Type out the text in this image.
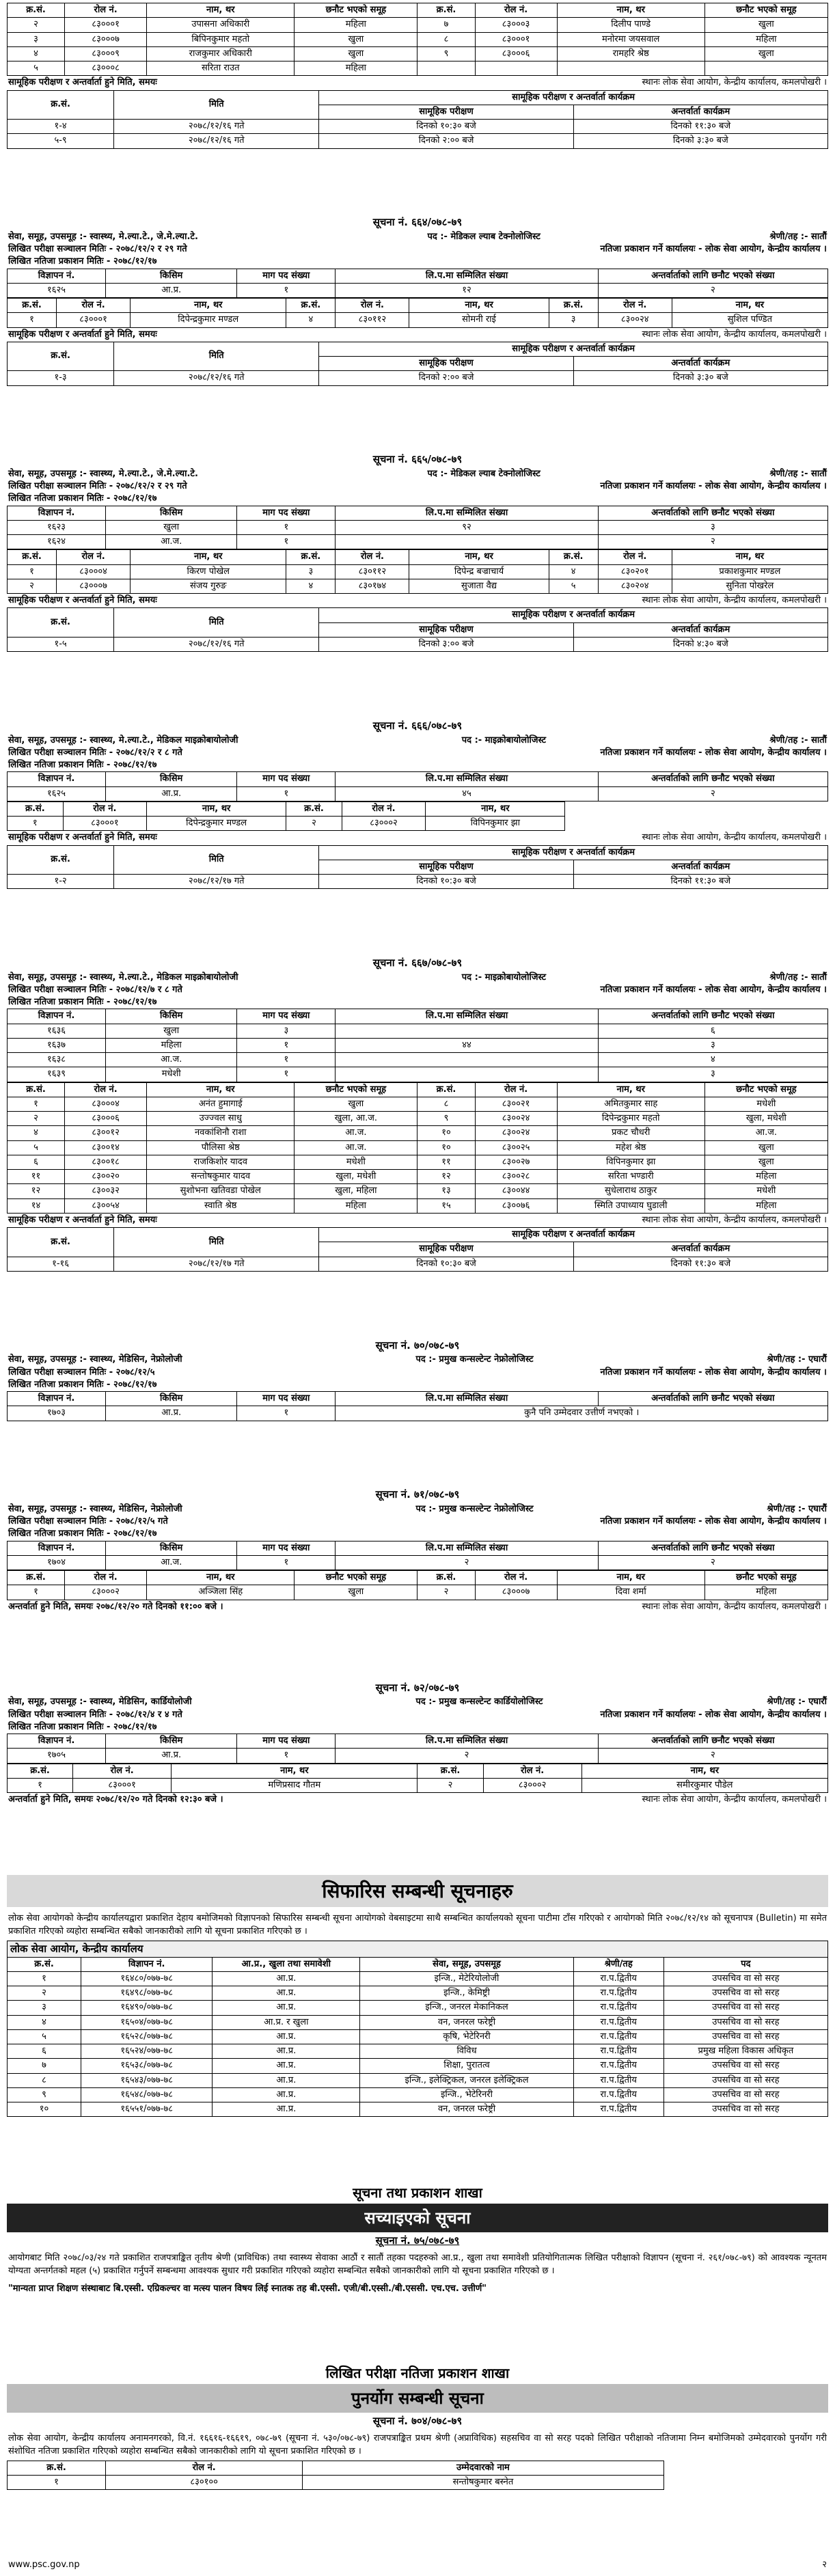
क्र.सं.	रोल नं.	नाम, थर	छनौट भएको समूह	क्र.सं.	रोल नं.	नाम, थर	छनौट भएको समूह
२	८३०००१	उपासना अधिकारी	महिला	७	८३०००३	दिलीप पाण्डे	खुला
३	८३०००७	बिपिनकुमार महतो	खुला	८	८३०००१	मनोरमा जयसवाल	महिला
४	८३०००९	राजकुमार अधिकारी	खुला	९	८३०००६	रामहरि श्रेष्ठ	खुला
५	८३०००८	सरिता राउत	महिला				
सामूहिक परीक्षण र अन्तर्वार्ता हुने मिति, समयः	स्थानः लोक सेवा आयोग, केन्द्रीय कार्यालय, कमलपोखरी ।
क्र.सं.	मिति	सामूहिक परीक्षण र अन्तर्वार्ता कार्यक्रम	
		सामूहिक परीक्षण	अन्तर्वार्ता कार्यक्रम
१-४	२०७८/१२/१६ गते	दिनको १०:३० बजे	दिनको ११:३० बजे
५-९	२०७८/१२/१६ गते	दिनको २:०० बजे	दिनको ३:३० बजे
सूचना नं. ६६४/०७८-७९
सेवा, समूह, उपसमूह :- स्वास्थ्य, मे.ल्या.टे., जे.मे.ल्या.टे.	पद :- मेडिकल ल्याब टेक्नोलोजिस्ट	श्रेणी/तह :- सातौं
लिखित परीक्षा सञ्चालन मितिः - २०७८/१२/२ र २९ गते	नतिजा प्रकाशन गर्ने कार्यालयः - लोक सेवा आयोग, केन्द्रीय कार्यालय ।
लिखित नतिजा प्रकाशन मितिः - २०७८/१२/१७
विज्ञापन नं.	किसिम	माग पद संख्या	लि.प.मा सम्मिलित संख्या	अन्तर्वार्ताको लागि छनौट भएको संख्या
१६२५	आ.प्र.	१	१२	२
क्र.सं.	रोल नं.	नाम, थर	क्र.सं.	रोल नं.	नाम, थर	क्र.सं.	रोल नं.	नाम, थर
१	८३०००१	दिपेन्द्रकुमार मण्डल	४	८३०११२	सोमनी राई	३	८३००२४	सुशिल पण्डित
सामूहिक परीक्षण र अन्तर्वार्ता हुने मिति, समयः	स्थानः लोक सेवा आयोग, केन्द्रीय कार्यालय, कमलपोखरी ।
क्र.सं.	मिति	सामूहिक परीक्षण र अन्तर्वार्ता कार्यक्रम	
		सामूहिक परीक्षण	अन्तर्वार्ता कार्यक्रम
१-३	२०७८/१२/१६ गते	दिनको २:०० बजे	दिनको ३:३० बजे
सूचना नं. ६६५/०७८-७९
सेवा, समूह, उपसमूह :- स्वास्थ्य, मे.ल्या.टे., जे.मे.ल्या.टे.	पद :- मेडिकल ल्याब टेक्नोलोजिस्ट	श्रेणी/तह :- सातौं
लिखित परीक्षा सञ्चालन मितिः - २०७८/१२/२ र २९ गते	नतिजा प्रकाशन गर्ने कार्यालयः - लोक सेवा आयोग, केन्द्रीय कार्यालय ।
लिखित नतिजा प्रकाशन मितिः - २०७८/१२/१७
विज्ञापन नं.	किसिम	माग पद संख्या	लि.प.मा सम्मिलित संख्या	अन्तर्वार्ताको लागि छनौट भएको संख्या
१६२३	खुला	१	९२	३
१६२४	आ.ज.	१		२
क्र.सं.	रोल नं.	नाम, थर	क्र.सं.	रोल नं.	नाम, थर	क्र.सं.	रोल नं.	नाम, थर
१	८३०००४	किरण पोखेल	३	८३०११२	दिपेन्द्र बज्राचार्य	४	८३०२०१	प्रकाशकुमार मण्डल
२	८३०००७	संजय गुरुङ	४	८३०१७४	सुजाता वैद्य	५	८३०२०४	सुनिता पोखरेल
सामूहिक परीक्षण र अन्तर्वार्ता हुने मिति, समयः	स्थानः लोक सेवा आयोग, केन्द्रीय कार्यालय, कमलपोखरी ।
क्र.सं.	मिति	सामूहिक परीक्षण र अन्तर्वार्ता कार्यक्रम	
		सामूहिक परीक्षण	अन्तर्वार्ता कार्यक्रम
१-५	२०७८/१२/१६ गते	दिनको ३:०० बजे	दिनको ४:३० बजे
सूचना नं. ६६६/०७८-७९
सेवा, समूह, उपसमूह :- स्वास्थ्य, मे.ल्या.टे., मेडिकल माइक्रोबायोलोजी	पद :- माइक्रोबायोलोजिस्ट	श्रेणी/तह :- सातौं
लिखित परीक्षा सञ्चालन मितिः - २०७८/१२/२ र ८ गते	नतिजा प्रकाशन गर्ने कार्यालयः - लोक सेवा आयोग, केन्द्रीय कार्यालय ।
लिखित नतिजा प्रकाशन मितिः - २०७८/१२/१७
विज्ञापन नं.	किसिम	माग पद संख्या	लि.प.मा सम्मिलित संख्या	अन्तर्वार्ताको लागि छनौट भएको संख्या
१६२५	आ.प्र.	१	४५	२
क्र.सं.	रोल नं.	नाम, थर	क्र.सं.	रोल नं.	नाम, थर
१	८३०००१	दिपेन्द्रकुमार मण्डल	२	८३०००२	विपिनकुमार झा
सामूहिक परीक्षण र अन्तर्वार्ता हुने मिति, समयः	स्थानः लोक सेवा आयोग, केन्द्रीय कार्यालय, कमलपोखरी ।
क्र.सं.	मिति	सामूहिक परीक्षण र अन्तर्वार्ता कार्यक्रम	
		सामूहिक परीक्षण	अन्तर्वार्ता कार्यक्रम
१-२	२०७८/१२/१७ गते	दिनको १०:३० बजे	दिनको ११:३० बजे
सूचना नं. ६६७/०७८-७९
सेवा, समूह, उपसमूह :- स्वास्थ्य, मे.ल्या.टे., मेडिकल माइक्रोबायोलोजी	पद :- माइक्रोबायोलोजिस्ट	श्रेणी/तह :- सातौं
लिखित परीक्षा सञ्चालन मितिः - २०७८/१२/७ र ८ गते	नतिजा प्रकाशन गर्ने कार्यालयः - लोक सेवा आयोग, केन्द्रीय कार्यालय ।
लिखित नतिजा प्रकाशन मितिः - २०७८/१२/१७
विज्ञापन नं.	किसिम	माग पद संख्या	लि.प.मा सम्मिलित संख्या	अन्तर्वार्ताको लागि छनौट भएको संख्या
१६३६	खुला	३		६
१६३७	महिला	१	४४	३
१६३८	आ.ज.	१		४
१६३९	मधेशी	१		३
क्र.सं.	रोल नं.	नाम, थर	छनौट भएको समूह	क्र.सं.	रोल नं.	नाम, थर	छनौट भएको समूह
१	८३०००४	अनंत हुमागाई	खुला	८	८३००२१	अमितकुमार साह	मधेशी
२	८३०००६	उज्ज्वल साधु	खुला, आ.ज.	९	८३००२४	दिपेन्द्रकुमार महतो	खुला, मधेशी
४	८३००१२	नवकांशिनौ राशा	आ.ज.	१०	८३००२४	प्रकट चौधरी	आ.ज.
५	८३००१४	पौलिसा श्रेष्ठ	आ.ज.	१०	८३००२५	महेश श्रेष्ठ	खुला
६	८३००१८	राजकिशोर यादव	मधेशी	११	८३००२७	विपिनकुमार झा	खुला
११	८३००२०	सन्तोषकुमार यादव	खुला, मधेशी	१२	८३००२८	सरिता भण्डारी	महिला
१२	८३००३२	सुशोभना खतिवडा पोखेल	खुला, महिला	१३	८३००४४	सुधेलाराथ ठाकुर	मधेशी
१४	८३००५४	स्वाति श्रेष्ठ	महिला	१५	८३००७६	स्मिति उपाध्याय घुडाली	महिला
सामूहिक परीक्षण र अन्तर्वार्ता हुने मिति, समयः	स्थानः लोक सेवा आयोग, केन्द्रीय कार्यालय, कमलपोखरी ।
क्र.सं.	मिति	सामूहिक परीक्षण र अन्तर्वार्ता कार्यक्रम	
		सामूहिक परीक्षण	अन्तर्वार्ता कार्यक्रम
१-१६	२०७८/१२/१७ गते	दिनको १०:३० बजे	दिनको ११:३० बजे
सूचना नं. ७०/०७८-७९
सेवा, समूह, उपसमूह :- स्वास्थ्य, मेडिसिन, नेफ्रोलोजी	पद :- प्रमुख कन्सल्टेन्ट नेफ्रोलोजिस्ट	श्रेणी/तह :- एघारौं
लिखित परीक्षा सञ्चालन मितिः - २०७८/१२/५	नतिजा प्रकाशन गर्ने कार्यालयः - लोक सेवा आयोग, केन्द्रीय कार्यालय ।
लिखित नतिजा प्रकाशन मितिः - २०७८/१२/१७
विज्ञापन नं.	किसिम	माग पद संख्या	लि.प.मा सम्मिलित संख्या	अन्तर्वार्ताको लागि छनौट भएको संख्या
१७०३	आ.प्र.	१	कुनै पनि उम्मेदवार उत्तीर्ण नभएको ।	
सूचना नं. ७१/०७८-७९
सेवा, समूह, उपसमूह :- स्वास्थ्य, मेडिसिन, नेफ्रोलोजी	पद :- प्रमुख कन्सल्टेन्ट नेफ्रोलोजिस्ट	श्रेणी/तह :- एघारौं
लिखित परीक्षा सञ्चालन मितिः - २०७८/१२/५ गते	नतिजा प्रकाशन गर्ने कार्यालयः - लोक सेवा आयोग, केन्द्रीय कार्यालय ।
लिखित नतिजा प्रकाशन मितिः - २०७८/१२/१७
विज्ञापन नं.	किसिम	माग पद संख्या	लि.प.मा सम्मिलित संख्या	अन्तर्वार्ताको लागि छनौट भएको संख्या
१७०४	आ.ज.	१	२	२
क्र.सं.	रोल नं.	नाम, थर	छनौट भएको समूह	क्र.सं.	रोल नं.	नाम, थर	छनौट भएको समूह
१	८३०००२	अञ्जिला सिंह	खुला	२	८३०००७	दिवा शर्मा	महिला
अन्तर्वार्ता हुने मिति, समयः २०७८/१२/२० गते दिनको ११:०० बजे ।	स्थानः लोक सेवा आयोग, केन्द्रीय कार्यालय, कमलपोखरी ।
सूचना नं. ७२/०७८-७९
सेवा, समूह, उपसमूह :- स्वास्थ्य, मेडिसिन, कार्डियोलोजी	पद :- प्रमुख कन्सल्टेन्ट कार्डियोलोजिस्ट	श्रेणी/तह :- एघारौं
लिखित परीक्षा सञ्चालन मितिः - २०७८/१२/४ र ४ गते	नतिजा प्रकाशन गर्ने कार्यालयः - लोक सेवा आयोग, केन्द्रीय कार्यालय ।
लिखित नतिजा प्रकाशन मितिः - २०७८/१२/१७
विज्ञापन नं.	किसिम	माग पद संख्या	लि.प.मा सम्मिलित संख्या	अन्तर्वार्ताको लागि छनौट भएको संख्या
१७०५	आ.प्र.	१	२	२
क्र.सं.	रोल नं.	नाम, थर	क्र.सं.	रोल नं.	नाम, थर
१	८३०००१	मणिप्रसाद गौतम	२	८३०००२	समीरकुमार पौडेल
अन्तर्वार्ता हुने मिति, समयः २०७८/१२/२० गते दिनको १२:३० बजे ।	स्थानः लोक सेवा आयोग, केन्द्रीय कार्यालय, कमलपोखरी ।
सिफारिस सम्बन्धी सूचनाहरु
लोक सेवा आयोगको केन्द्रीय कार्यालयद्वारा प्रकाशित देहाय बमोजिमको विज्ञापनको सिफारिस सम्बन्धी सूचना आयोगको वेबसाइटमा साथै सम्बन्धित कार्यालयको सूचना पाटीमा टाँस गरिएको र आयोगको मिति २०७८/१२/१४ को सूचनापत्र (Bulletin) मा समेत प्रकाशित गरिएको व्यहोरा सम्बन्धित सबैको जानकारीको लागि यो सूचना प्रकाशित गरिएको छ ।
लोक सेवा आयोग, केन्द्रीय कार्यालय
क्र.सं.	विज्ञापन नं.	आ.प्र., खुला तथा समावेशी	सेवा, समूह, उपसमूह	श्रेणी/तह	पद
१	१६४८०/०७७-७८	आ.प्र.	इन्जि., मेटेरियोलोजी	रा.प.द्वितीय	उपसचिव वा सो सरह
२	१६४९८/०७७-७८	आ.प्र.	इन्जि., केमिष्ट्री	रा.प.द्वितीय	उपसचिव वा सो सरह
३	१६४९०/०७७-७८	आ.प्र.	इन्जि., जनरल मेकानिकल	रा.प.द्वितीय	उपसचिव वा सो सरह
४	१६५०४/०७७-७८	आ.प्र. र खुला	वन, जनरल फरेष्ट्री	रा.प.द्वितीय	उपसचिव वा सो सरह
५	१६५२८/०७७-७८	आ.प्र.	कृषि, भेटेरिनरी	रा.प.द्वितीय	उपसचिव वा सो सरह
६	१६५२४/०७७-७८	आ.प्र.	विविध	रा.प.द्वितीय	प्रमुख महिला विकास अधिकृत
७	१६५३८/०७७-७८	आ.प्र.	शिक्षा, पुरातत्व	रा.प.द्वितीय	उपसचिव वा सो सरह
८	१६५४३/०७७-७८	आ.प्र.	इन्जि., इलेक्ट्रिकल, जनरल इलेक्ट्रिकल	रा.प.द्वितीय	उपसचिव वा सो सरह
९	१६५४८/०७७-७८	आ.प्र.	इन्जि., भेटेरिनरी	रा.प.द्वितीय	उपसचिव वा सो सरह
१०	१६५५१/०७७-७८	आ.प्र.	वन, जनरल फरेष्ट्री	रा.प.द्वितीय	उपसचिव वा सो सरह
सूचना तथा प्रकाशन शाखा
सच्याइएको सूचना
सूचना नं. ७५/०७८-७९
आयोगबाट मिति २०७८/०३/२४ गते प्रकाशित राजपत्राङ्कित तृतीय श्रेणी (प्राविधिक) तथा स्वास्थ्य सेवाका आठौं र सातौं तहका पदहरुको आ.प्र., खुला तथा समावेशी प्रतियोगितात्मक लिखित परीक्षाको विज्ञापन (सूचना नं. २६१/०७८-७९) को आवश्यक न्यूनतम योग्यता अन्तर्गतको महल (५) प्रकाशित गर्नुपर्ने सम्बन्धमा आवश्यक सुधार गरी प्रकाशित गरिएको व्यहोरा सम्बन्धित सबैको जानकारीको लागि यो सूचना प्रकाशित गरिएको छ ।
"मान्यता प्राप्त शिक्षण संस्थाबाट बि.एस्सी. एग्रिकल्चर वा मत्स्य पालन विषय लिई स्नातक तह बी.एस्सी. एजी/बी.एस्सी./बी.एससी. एच.एच. उत्तीर्ण"
लिखित परीक्षा नतिजा प्रकाशन शाखा
पुनर्योग सम्बन्धी सूचना
सूचना नं. ७०४/०७८-७९
लोक सेवा आयोग, केन्द्रीय कार्यालय अनामनगरको, वि.नं. १६६१६-१६६१९, ०७८-७९ (सूचना नं. ५३०/०७८-७९) राजपत्राङ्कित प्रथम श्रेणी (अप्राविधिक) सहसचिव वा सो सरह पदको लिखित परीक्षाको नतिजामा निम्न बमोजिमको उम्मेदवारको पुनर्योग गरी संशोधित नतिजा प्रकाशित गरिएको व्यहोरा सम्बन्धित सबैको जानकारीको लागि यो सूचना प्रकाशित गरिएको छ ।
क्र.सं.	रोल नं.	उम्मेदवारको नाम
१	८३०१००	सन्तोषकुमार बस्नेत
www.psc.gov.np	२
